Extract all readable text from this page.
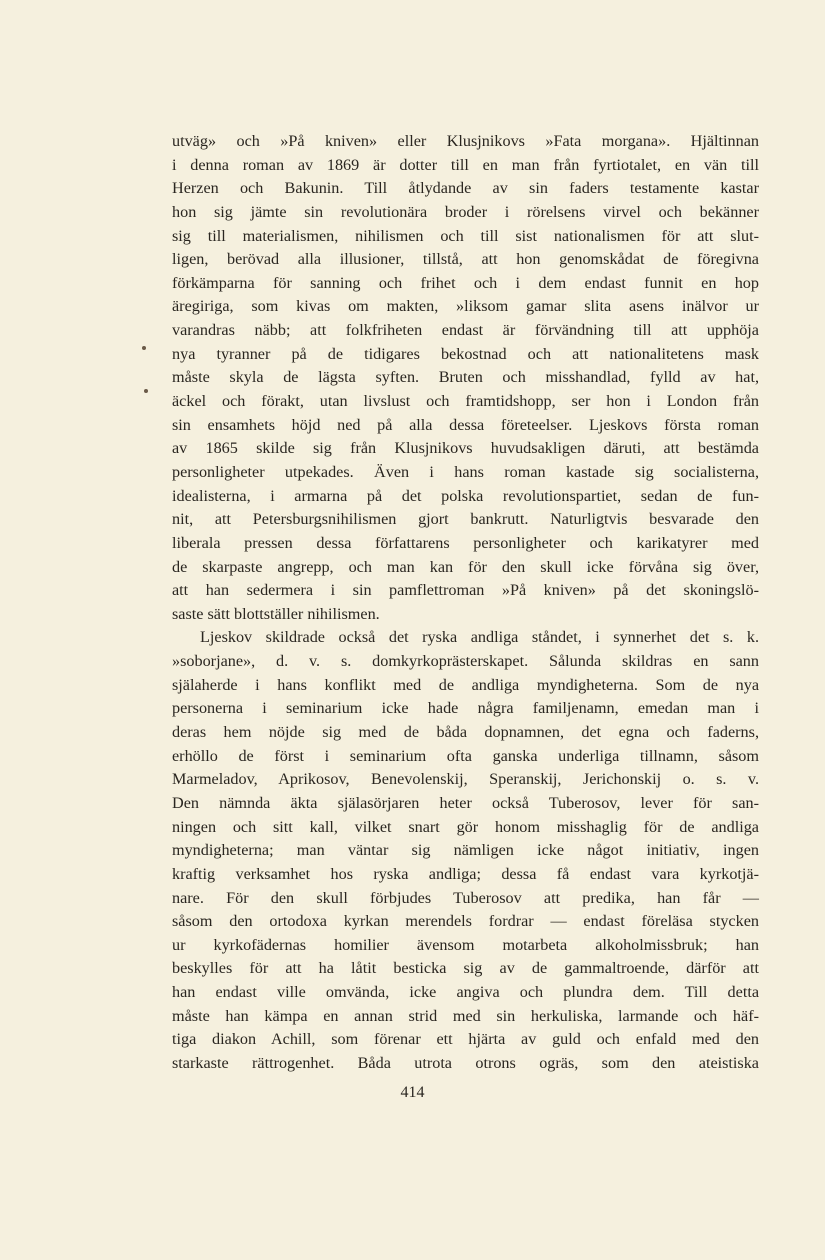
utväg» och »På kniven» eller Klusjnikovs »Fata morgana». Hjältinnan
i denna roman av 1869 är dotter till en man från fyrtiotalet, en vän till
Herzen och Bakunin. Till åtlydande av sin faders testamente kastar
hon sig jämte sin revolutionära broder i rörelsens virvel och bekänner
sig till materialismen, nihilismen och till sist nationalismen för att slut-
ligen, berövad alla illusioner, tillstå, att hon genomskådat de föregivna
förkämparna för sanning och frihet och i dem endast funnit en hop
äregiriga, som kivas om makten, »liksom gamar slita asens inälvor ur
varandras näbb; att folkfriheten endast är förvändning till att upphöja
nya tyranner på de tidigares bekostnad och att nationalitetens mask
måste skyla de lägsta syften. Bruten och misshandlad, fylld av hat,
äckel och förakt, utan livslust och framtidshopp, ser hon i London från
sin ensamhets höjd ned på alla dessa företeelser. Ljeskovs första roman
av 1865 skilde sig från Klusjnikovs huvudsakligen däruti, att bestämda
personligheter utpekades. Även i hans roman kastade sig socialisterna,
idealisterna, i armarna på det polska revolutionspartiet, sedan de fun-
nit, att Petersburgsnihilismen gjort bankrutt. Naturligtvis besvarade den
liberala pressen dessa författarens personligheter och karikatyrer med
de skarpaste angrepp, och man kan för den skull icke förvåna sig över,
att han sedermera i sin pamflettroman »På kniven» på det skoningslö-
saste sätt blottställer nihilismen.
Ljeskov skildrade också det ryska andliga ståndet, i synnerhet det s. k.
»soborjane», d. v. s. domkyrkoprästerskapet. Sålunda skildras en sann
själaherde i hans konflikt med de andliga myndigheterna. Som de nya
personerna i seminarium icke hade några familjenamn, emedan man i
deras hem nöjde sig med de båda dopnamnen, det egna och faderns,
erhöllo de först i seminarium ofta ganska underliga tillnamn, såsom
Marmeladov, Aprikosov, Benevolenskij, Speranskij, Jerichonskij o. s. v.
Den nämnda äkta själasörjaren heter också Tuberosov, lever för san-
ningen och sitt kall, vilket snart gör honom misshaglig för de andliga
myndigheterna; man väntar sig nämligen icke något initiativ, ingen
kraftig verksamhet hos ryska andliga; dessa få endast vara kyrkotjä-
nare. För den skull förbjudes Tuberosov att predika, han får —
såsom den ortodoxa kyrkan merendels fordrar — endast föreläsa stycken
ur kyrkofädernas homilier ävensom motarbeta alkoholmissbruk; han
beskylles för att ha låtit besticka sig av de gammaltroende, därför att
han endast ville omvända, icke angiva och plundra dem. Till detta
måste han kämpa en annan strid med sin herkuliska, larmande och häf-
tiga diakon Achill, som förenar ett hjärta av guld och enfald med den
starkaste rättrogenhet. Båda utrota otrons ogräs, som den ateistiska
414
